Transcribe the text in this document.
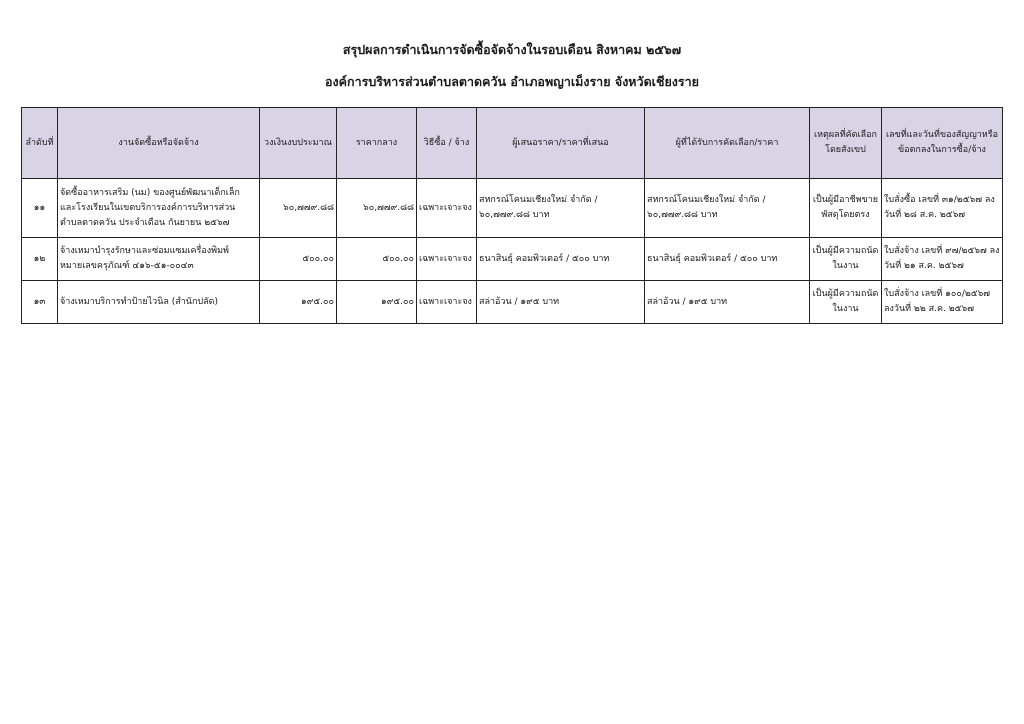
สรุปผลการดำเนินการจัดซื้อจัดจ้างในรอบเดือน สิงหาคม ๒๕๖๗
องค์การบริหารส่วนตำบลตาดควัน อำเภอพญาเม็งราย จังหวัดเชียงราย
ลำดับที่	งานจัดซื้อหรือจัดจ้าง	วงเงินงบประมาณ	ราคากลาง	วิธีซื้อ / จ้าง	ผู้เสนอราคา/ราคาที่เสนอ	ผู้ที่ได้รับการคัดเลือก/ราคา	เหตุผลที่คัดเลือกโดยสังเขป	เลขที่และวันที่ของสัญญาหรือข้อตกลงในการซื้อ/จ้าง
๑๑	จัดซื้ออาหารเสริม (นม) ของศูนย์พัฒนาเด็กเล็ก และโรงเรียนในเขตบริการองค์การบริหารส่วนตำบลตาดควัน ประจำเดือน กันยายน ๒๕๖๗	๖๐,๗๗๙.๘๘	๖๐,๗๗๙.๘๘	เฉพาะเจาะจง	สหกรณ์โคนมเชียงใหม่ จำกัด / ๖๐,๗๗๙.๘๘ บาท	สหกรณ์โคนมเชียงใหม่ จำกัด / ๖๐,๗๗๙.๘๘ บาท	เป็นผู้มีอาชีพขายพัสดุโดยตรง	ใบสั่งซื้อ เลขที่ ๓๑/๒๕๖๗ ลงวันที่ ๒๘ ส.ค. ๒๕๖๗
๑๒	จ้างเหมาบำรุงรักษาและซ่อมแซมเครื่องพิมพ์ หมายเลขครุภัณฑ์ ๔๑๖-๕๑-๐๐๔๓	๕๐๐.๐๐	๕๐๐.๐๐	เฉพาะเจาะจง	ธนาสินธุ์ คอมพิวเตอร์ / ๕๐๐ บาท	ธนาสินธุ์ คอมพิวเตอร์ / ๕๐๐ บาท	เป็นผู้มีความถนัดในงาน	ใบสั่งจ้าง เลขที่ ๙๗/๒๕๖๗ ลงวันที่ ๒๑ ส.ค. ๒๕๖๗
๑๓	จ้างเหมาบริการทำป้ายไวนิล (สำนักปลัด)	๑๙๕.๐๐	๑๙๕.๐๐	เฉพาะเจาะจง	สล่าอ้วน / ๑๙๕ บาท	สล่าอ้วน / ๑๙๕ บาท	เป็นผู้มีความถนัดในงาน	ใบสั่งจ้าง เลขที่ ๑๐๐/๒๕๖๗ ลงวันที่ ๒๒ ส.ค. ๒๕๖๗
